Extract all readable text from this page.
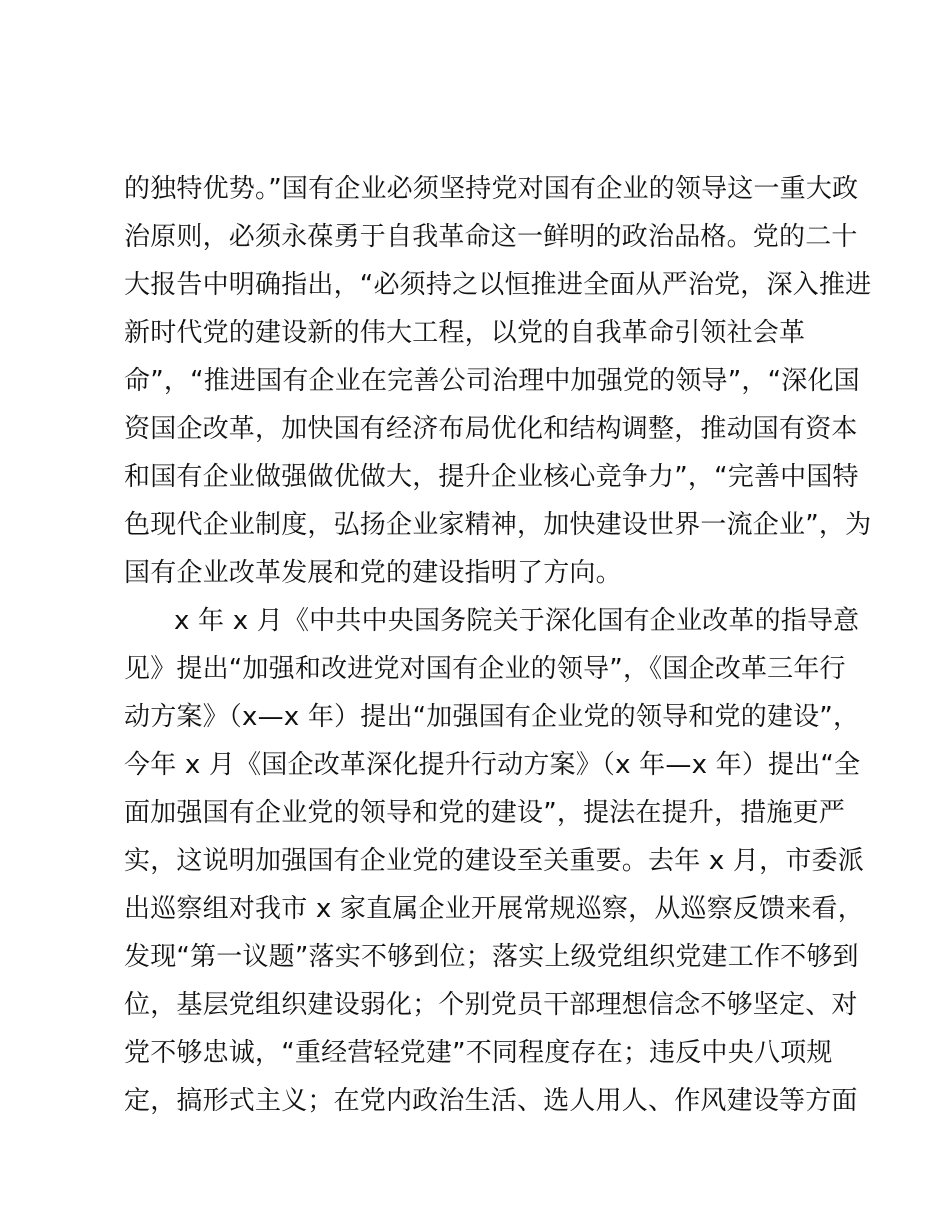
的独特优势。”国有企业必须坚持党对国有企业的领导这一重大政
治原则，必须永葆勇于自我革命这一鲜明的政治品格。党的二十
大报告中明确指出，“必须持之以恒推进全面从严治党，深入推进
新时代党的建设新的伟大工程，以党的自我革命引领社会革
命”，“推进国有企业在完善公司治理中加强党的领导”，“深化国
资国企改革，加快国有经济布局优化和结构调整，推动国有资本
和国有企业做强做优做大，提升企业核心竞争力”，“完善中国特
色现代企业制度，弘扬企业家精神，加快建设世界一流企业”，为
国有企业改革发展和党的建设指明了方向。
x 年 x 月《中共中央国务院关于深化国有企业改革的指导意
见》提出“加强和改进党对国有企业的领导”，《国企改革三年行
动方案》（x—x 年）提出“加强国有企业党的领导和党的建设”，
今年 x 月《国企改革深化提升行动方案》（x 年—x 年）提出“全
面加强国有企业党的领导和党的建设”，提法在提升，措施更严
实，这说明加强国有企业党的建设至关重要。去年 x 月，市委派
出巡察组对我市 x 家直属企业开展常规巡察，从巡察反馈来看，
发现“第一议题”落实不够到位；落实上级党组织党建工作不够到
位，基层党组织建设弱化；个别党员干部理想信念不够坚定、对
党不够忠诚，“重经营轻党建”不同程度存在；违反中央八项规
定，搞形式主义；在党内政治生活、选人用人、作风建设等方面
